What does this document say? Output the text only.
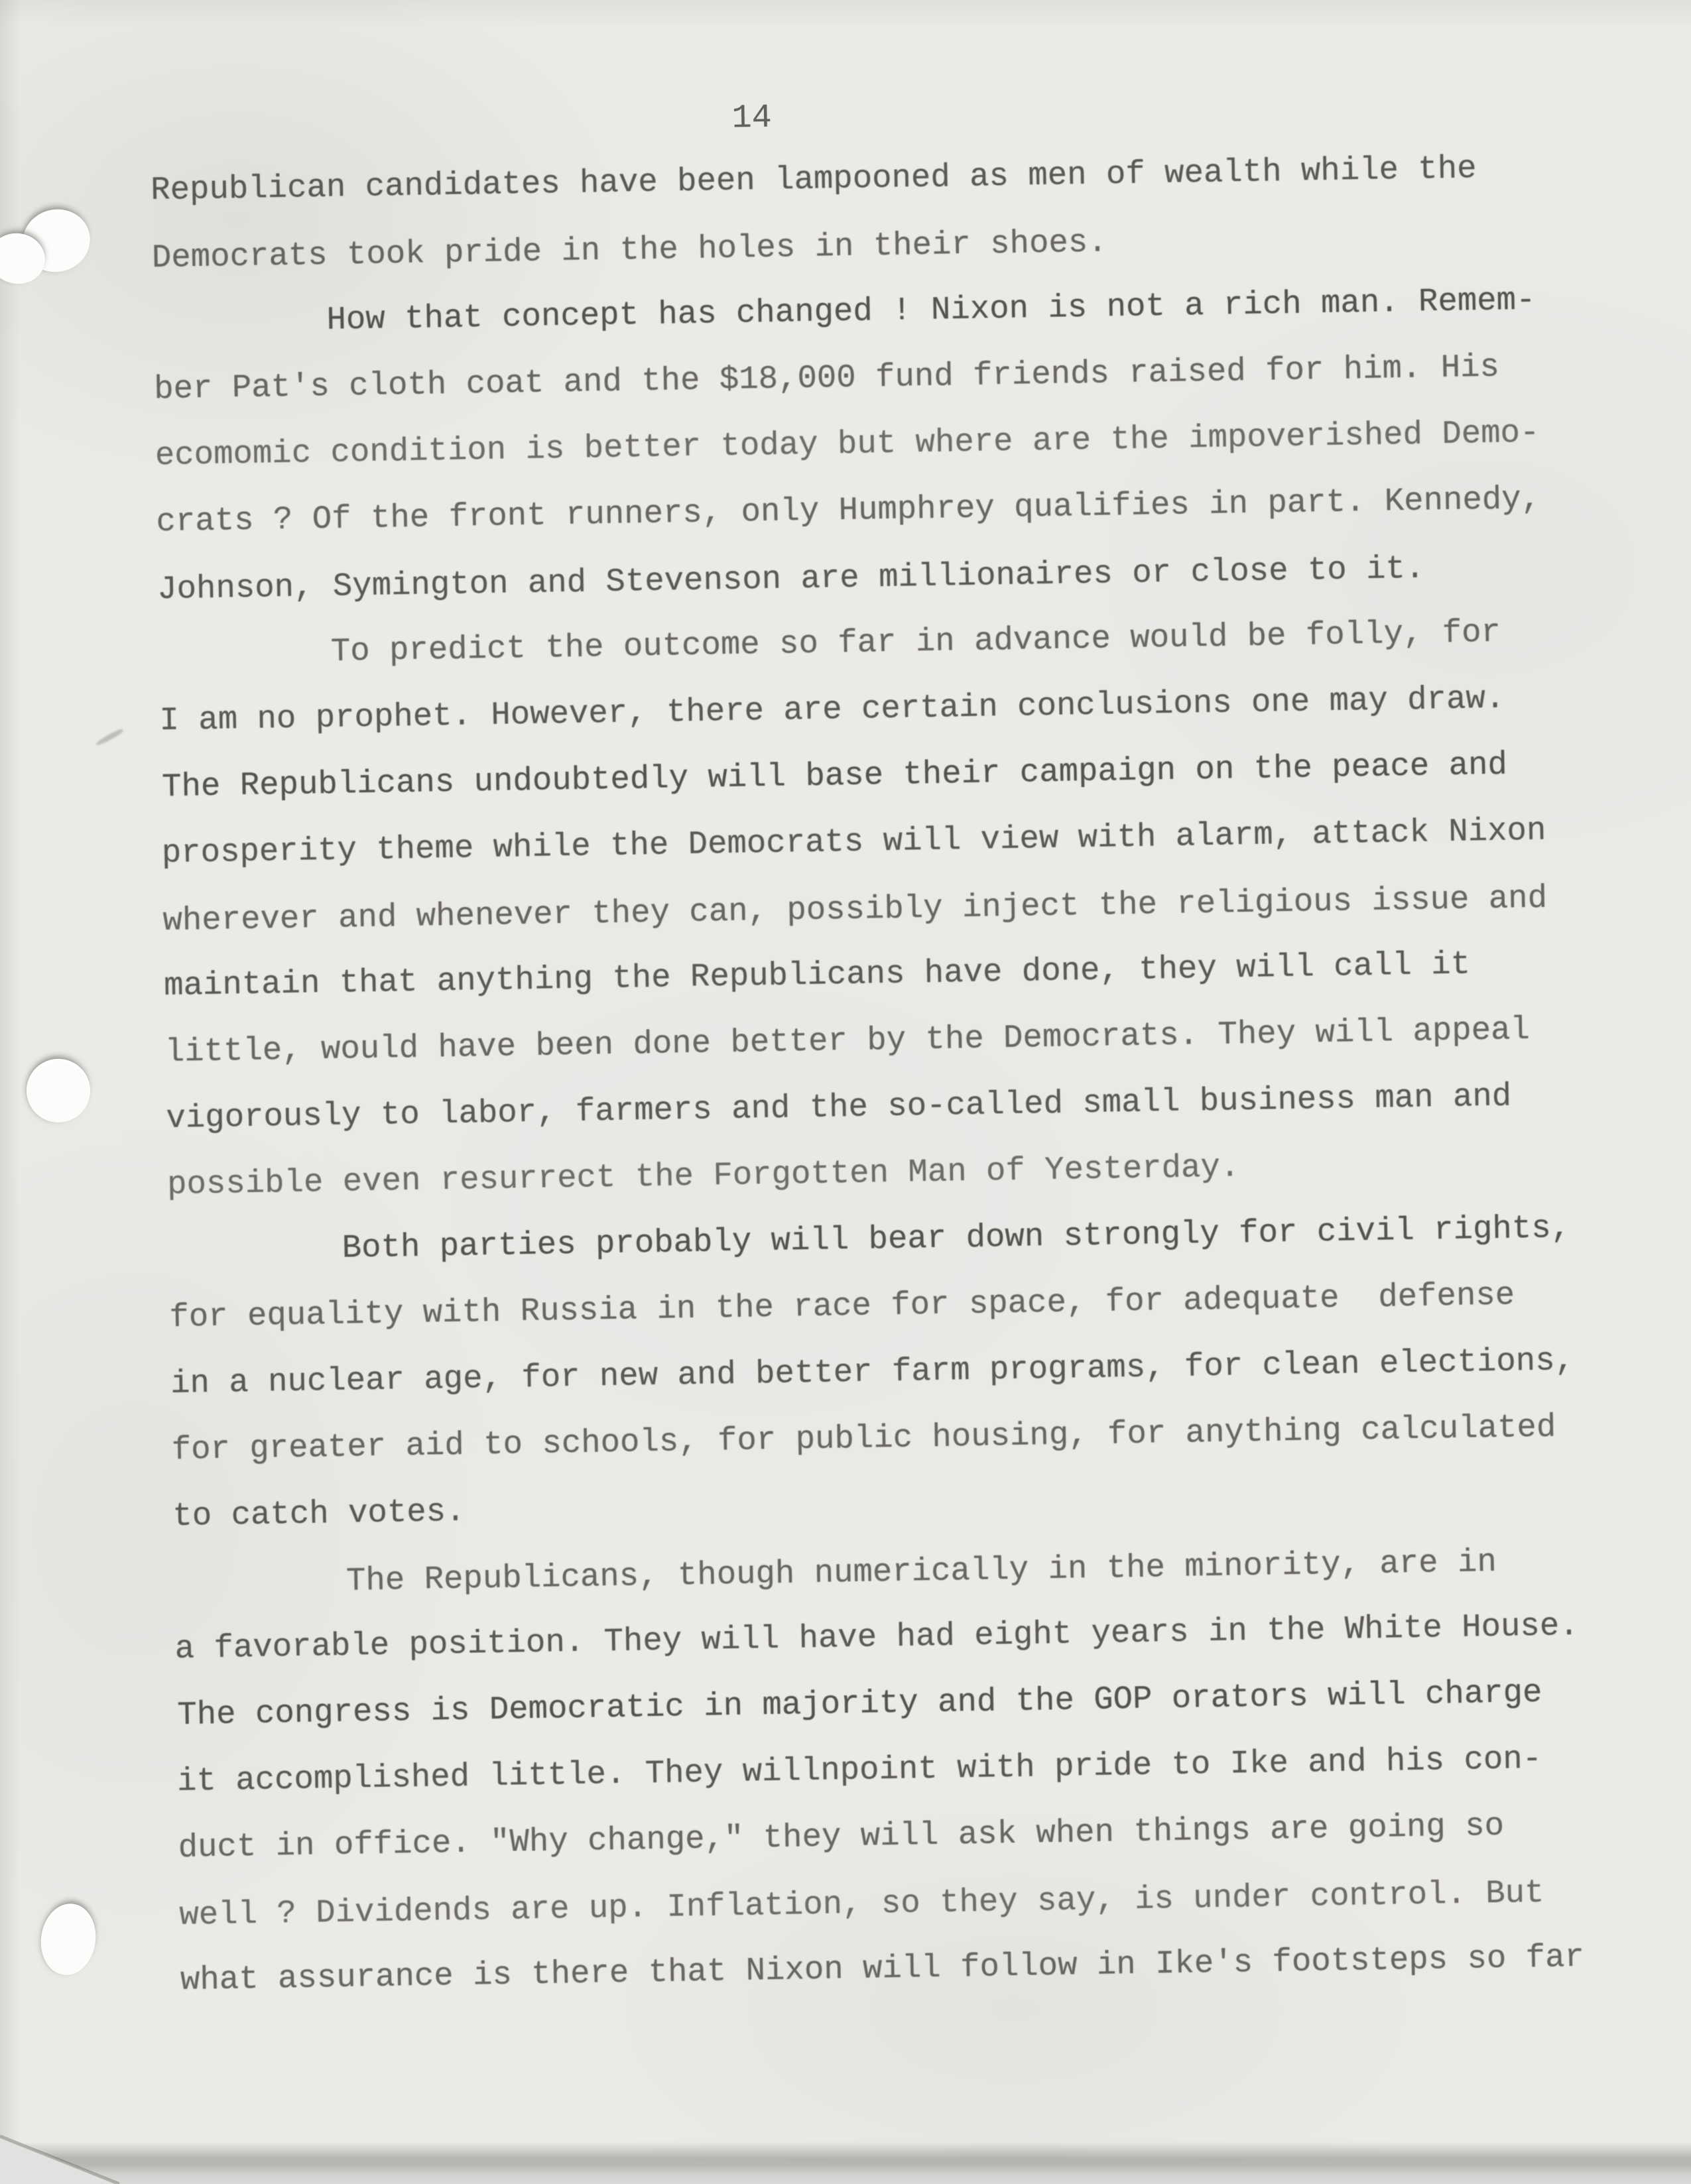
14
Republican candidates have been lampooned as men of wealth while the
Democrats took pride in the holes in their shoes.
How that concept has changed ! Nixon is not a rich man. Remem-
ber Pat's cloth coat and the $18,000 fund friends raised for him. His
ecomomic condition is better today but where are the impoverished Demo-
crats ? Of the front runners, only Humphrey qualifies in part. Kennedy,
Johnson, Symington and Stevenson are millionaires or close to it.
To predict the outcome so far in advance would be folly, for
I am no prophet. However, there are certain conclusions one may draw.
The Republicans undoubtedly will base their campaign on the peace and
prosperity theme while the Democrats will view with alarm, attack Nixon
wherever and whenever they can, possibly inject the religious issue and
maintain that anything the Republicans have done, they will call it
little, would have been done better by the Democrats. They will appeal
vigorously to labor, farmers and the so-called small business man and
possible even resurrect the Forgotten Man of Yesterday.
Both parties probably will bear down strongly for civil rights,
for equality with Russia in the race for space, for adequate  defense
in a nuclear age, for new and better farm programs, for clean elections,
for greater aid to schools, for public housing, for anything calculated
to catch votes.
The Republicans, though numerically in the minority, are in
a favorable position. They will have had eight years in the White House.
The congress is Democratic in majority and the GOP orators will charge
it accomplished little. They willnpoint with pride to Ike and his con-
duct in office. "Why change," they will ask when things are going so
well ? Dividends are up. Inflation, so they say, is under control. But
what assurance is there that Nixon will follow in Ike's footsteps so far
